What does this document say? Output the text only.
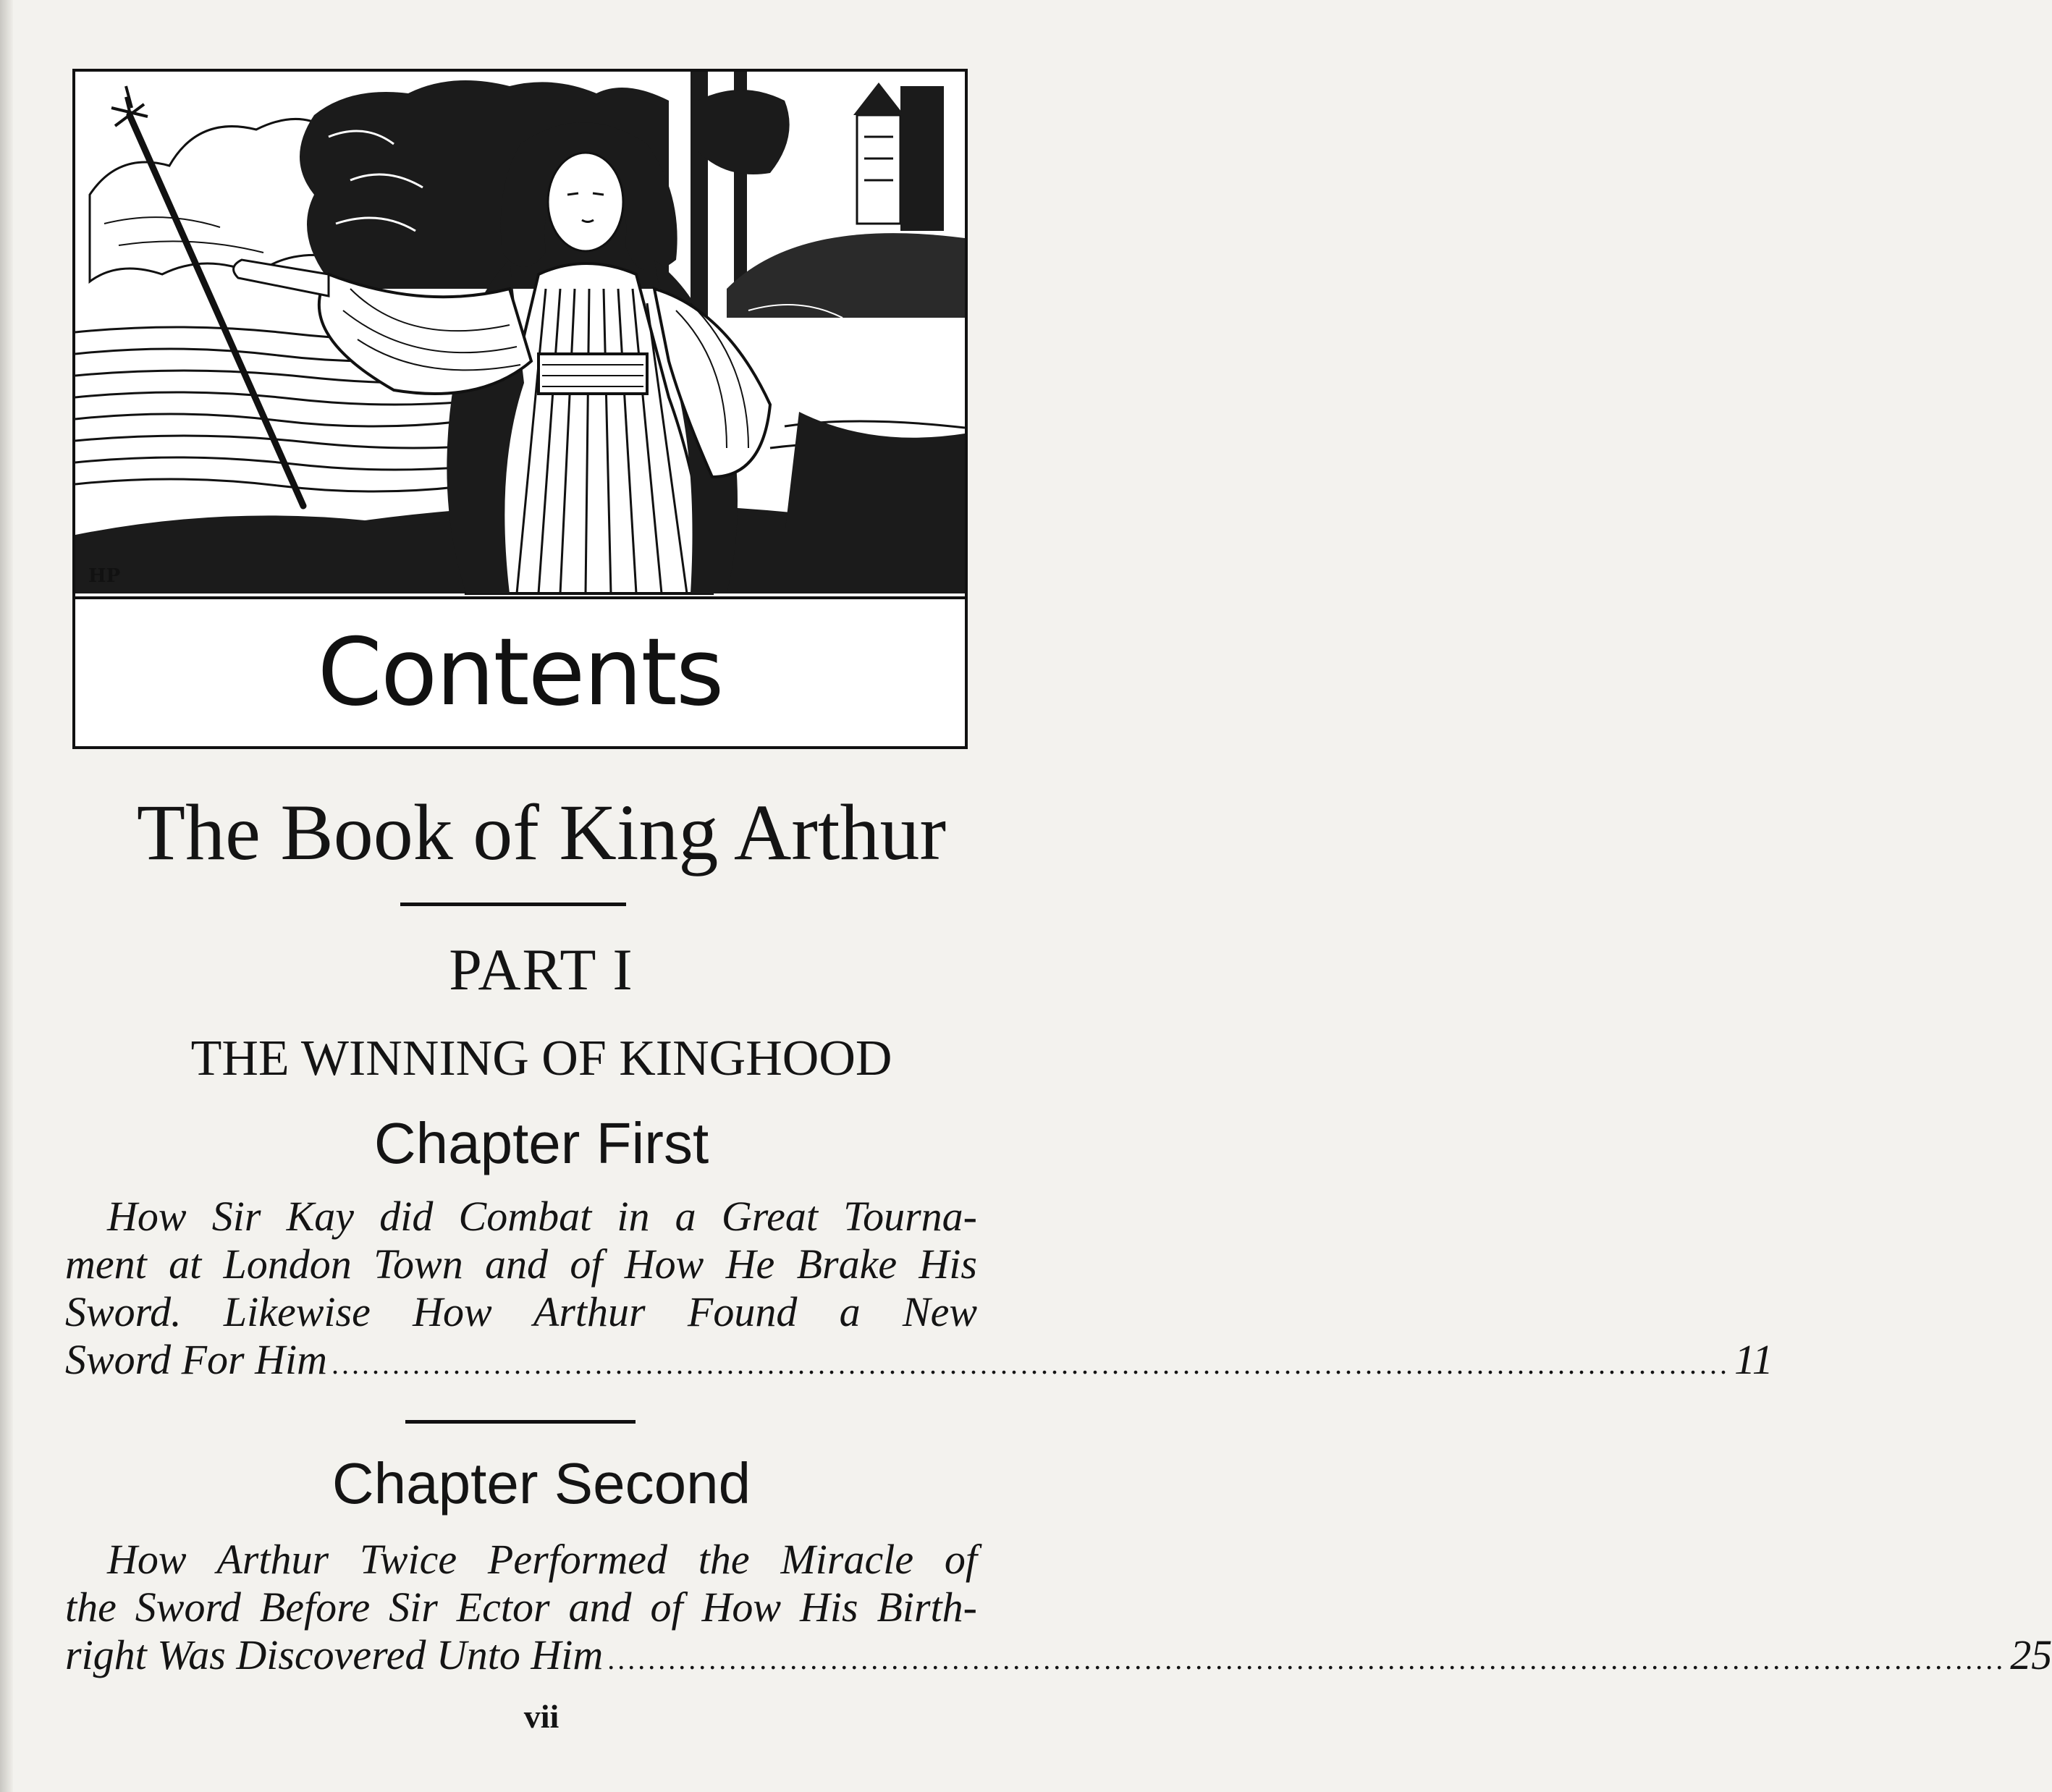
HP
Contents
The Book of King Arthur
PART I
THE WINNING OF KINGHOOD
Chapter First
How Sir Kay did Combat in a Great Tourna-
ment at London Town and of How He Brake His
Sword. Likewise How Arthur Found a New
Sword For Him .......................................................................................................................................... 11
Chapter Second
How Arthur Twice Performed the Miracle of
the Sword Before Sir Ector and of How His Birth-
right Was Discovered Unto Him .......................................................................................................................................... 25
vii
